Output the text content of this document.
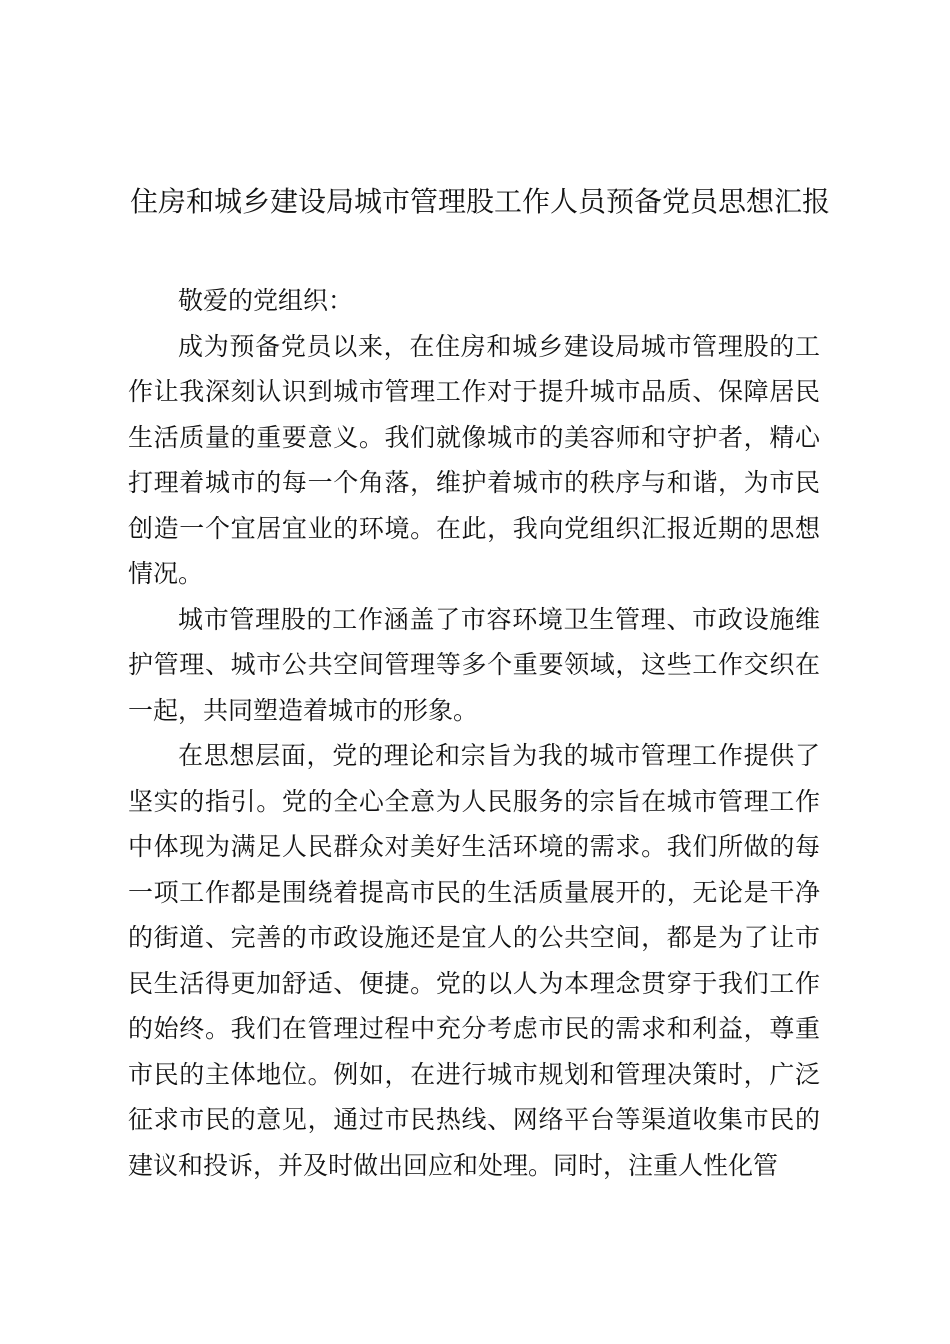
住房和城乡建设局城市管理股工作人员预备党员思想汇报

敬爱的党组织：

成为预备党员以来，在住房和城乡建设局城市管理股的工作让我深刻认识到城市管理工作对于提升城市品质、保障居民生活质量的重要意义。我们就像城市的美容师和守护者，精心打理着城市的每一个角落，维护着城市的秩序与和谐，为市民创造一个宜居宜业的环境。在此，我向党组织汇报近期的思想情况。

城市管理股的工作涵盖了市容环境卫生管理、市政设施维护管理、城市公共空间管理等多个重要领域，这些工作交织在一起，共同塑造着城市的形象。

在思想层面，党的理论和宗旨为我的城市管理工作提供了坚实的指引。党的全心全意为人民服务的宗旨在城市管理工作中体现为满足人民群众对美好生活环境的需求。我们所做的每一项工作都是围绕着提高市民的生活质量展开的，无论是干净的街道、完善的市政设施还是宜人的公共空间，都是为了让市民生活得更加舒适、便捷。党的以人为本理念贯穿于我们工作的始终。我们在管理过程中充分考虑市民的需求和利益，尊重市民的主体地位。例如，在进行城市规划和管理决策时，广泛征求市民的意见，通过市民热线、网络平台等渠道收集市民的建议和投诉，并及时做出回应和处理。同时，注重人性化管
